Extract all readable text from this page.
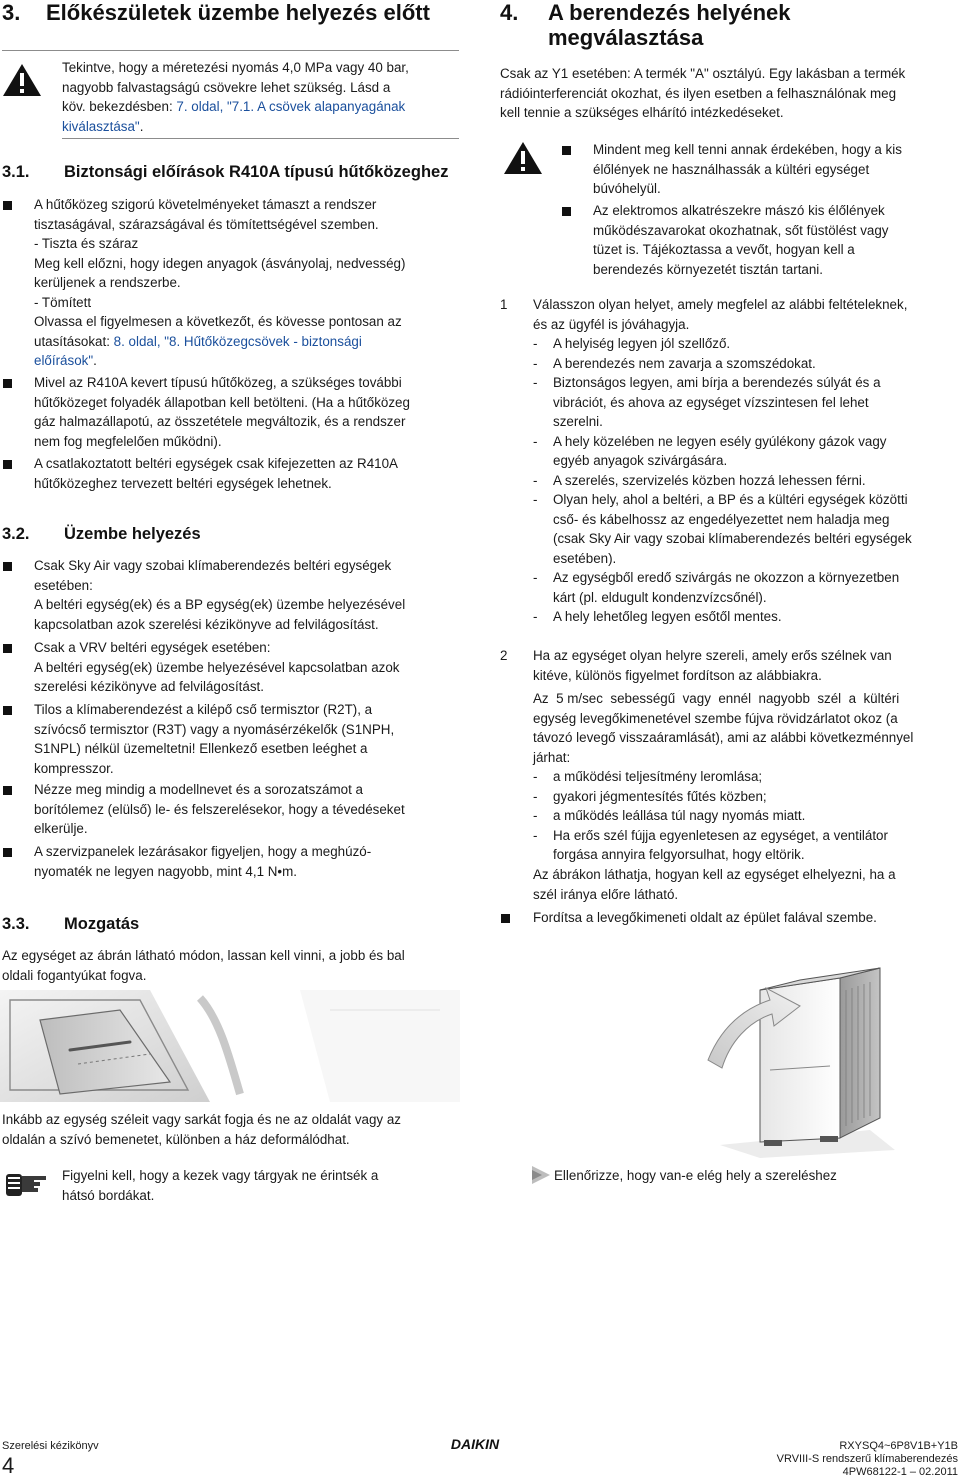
3. Előkészületek üzembe helyezés előtt
Tekintve, hogy a méretezési nyomás 4,0 MPa vagy 40 bar,
nagyobb falvastagságú csövekre lehet szükség. Lásd a
köv. bekezdésben: 7. oldal, "7.1. A csövek alapanyagának
kiválasztása".
3.1. Biztonsági előírások R410A típusú hűtőközeghez
A hűtőközeg szigorú követelményeket támaszt a rendszer
tisztaságával, szárazságával és tömítettségével szemben.
- Tiszta és száraz
Meg kell előzni, hogy idegen anyagok (ásványolaj, nedvesség)
kerüljenek a rendszerbe.
- Tömített
Olvassa el figyelmesen a következőt, és kövesse pontosan az
utasításokat: 8. oldal, "8. Hűtőközegcsövek - biztonsági
előírások".
Mivel az R410A kevert típusú hűtőközeg, a szükséges további
hűtőközeget folyadék állapotban kell betölteni. (Ha a hűtőközeg
gáz halmazállapotú, az összetétele megváltozik, és a rendszer
nem fog megfelelően működni).
A csatlakoztatott beltéri egységek csak kifejezetten az R410A
hűtőközeghez tervezett beltéri egységek lehetnek.
3.2. Üzembe helyezés
Csak Sky Air vagy szobai klímaberendezés beltéri egységek
esetében:
A beltéri egység(ek) és a BP egység(ek) üzembe helyezésével
kapcsolatban azok szerelési kézikönyve ad felvilágosítást.
Csak a VRV beltéri egységek esetében:
A beltéri egység(ek) üzembe helyezésével kapcsolatban azok
szerelési kézikönyve ad felvilágosítást.
Tilos a klímaberendezést a kilépő cső termisztor (R2T), a
szívócső termisztor (R3T) vagy a nyomásérzékelők (S1NPH,
S1NPL) nélkül üzemeltetni! Ellenkező esetben leéghet a
kompresszor.
Nézze meg mindig a modellnevet és a sorozatszámot a
borítólemez (elülső) le- és felszerelésekor, hogy a tévedéseket
elkerülje.
A szervizpanelek lezárásakor figyeljen, hogy a meghúzó-
nyomaték ne legyen nagyobb, mint 4,1 N•m.
3.3. Mozgatás
Az egységet az ábrán látható módon, lassan kell vinni, a jobb és bal
oldali fogantyúkat fogva.
Inkább az egység széleit vagy sarkát fogja és ne az oldalát vagy az
oldalán a szívó bemenetet, különben a ház deformálódhat.
Figyelni kell, hogy a kezek vagy tárgyak ne érintsék a
hátsó bordákat.
4. A berendezés helyének
megválasztása
Csak az Y1 esetében: A termék "A" osztályú. Egy lakásban a termék
rádióinterferenciát okozhat, és ilyen esetben a felhasználónak meg
kell tennie a szükséges elhárító intézkedéseket.
Mindent meg kell tenni annak érdekében, hogy a kis
élőlények ne használhassák a kültéri egységet
búvóhelyül.
Az elektromos alkatrészekre mászó kis élőlények
működészavarokat okozhatnak, sőt füstölést vagy
tüzet is. Tájékoztassa a vevőt, hogyan kell a
berendezés környezetét tisztán tartani.
1 Válasszon olyan helyet, amely megfelel az alábbi feltételeknek,
és az ügyfél is jóváhagyja.
- A helyiség legyen jól szellőző.
- A berendezés nem zavarja a szomszédokat.
- Biztonságos legyen, ami bírja a berendezés súlyát és a
vibrációt, és ahova az egységet vízszintesen fel lehet
szerelni.
- A hely közelében ne legyen esély gyúlékony gázok vagy
egyéb anyagok szivárgására.
- A szerelés, szervizelés közben hozzá lehessen férni.
- Olyan hely, ahol a beltéri, a BP és a kültéri egységek közötti
cső- és kábelhossz az engedélyezettet nem haladja meg
(csak Sky Air vagy szobai klímaberendezés beltéri egységek
esetében).
- Az egységből eredő szivárgás ne okozzon a környezetben
kárt (pl. eldugult kondenzvízcsőnél).
- A hely lehetőleg legyen esőtől mentes.
2 Ha az egységet olyan helyre szereli, amely erős szélnek van
kitéve, különös figyelmet fordítson az alábbiakra.
Az  5 m/sec  sebességű  vagy  ennél  nagyobb  szél  a  kültéri
egység levegőkimenetével szembe fújva rövidzárlatot okoz (a
távozó levegő visszaáramlását), ami az alábbi következménnyel
járhat:
- a működési teljesítmény leromlása;
- gyakori jégmentesítés fűtés közben;
- a működés leállása túl nagy nyomás miatt.
- Ha erős szél fújja egyenletesen az egységet, a ventilátor
forgása annyira felgyorsulhat, hogy eltörik.
Az ábrákon láthatja, hogyan kell az egységet elhelyezni, ha a
szél iránya előre látható.
Fordítsa a levegőkimeneti oldalt az épület falával szembe.
Ellenőrizze, hogy van-e elég hely a szereléshez
Szerelési kézikönyv
4
DAIKIN	RXYSQ4~6P8V1B+Y1B
VRVIII-S rendszerű klímaberendezés
4PW68122-1 – 02.2011
